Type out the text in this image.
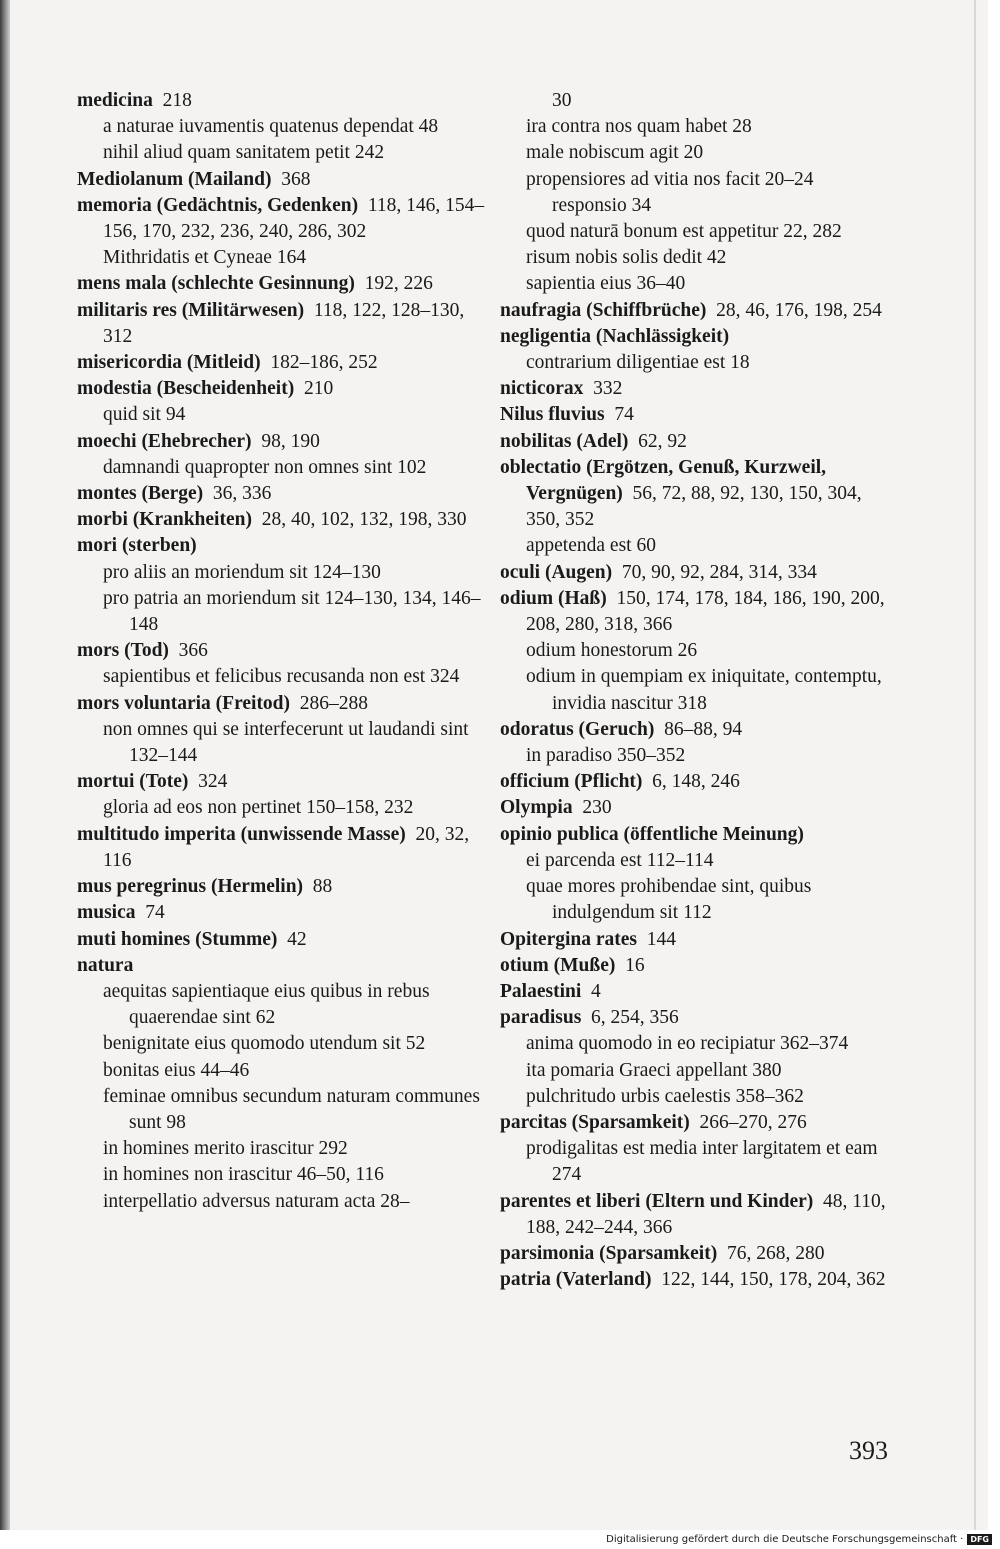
medicina  218

a naturae iuvamentis quatenus dependat 48

nihil aliud quam sanitatem petit 242

Mediolanum (Mailand)  368

memoria (Gedächtnis, Gedenken)  118, 146, 154–156, 170, 232, 236, 240, 286, 302

Mithridatis et Cyneae 164

mens mala (schlechte Gesinnung)  192, 226

militaris res (Militärwesen)  118, 122, 128–130, 312

misericordia (Mitleid)  182–186, 252

modestia (Bescheidenheit)  210

quid sit 94

moechi (Ehebrecher)  98, 190

damnandi quapropter non omnes sint 102

montes (Berge)  36, 336

morbi (Krankheiten)  28, 40, 102, 132, 198, 330

mori (sterben)

pro aliis an moriendum sit 124–130

pro patria an moriendum sit 124–130, 134, 146–148

mors (Tod)  366

sapientibus et felicibus recusanda non est 324

mors voluntaria (Freitod)  286–288

non omnes qui se interfecerunt ut laudandi sint 132–144

mortui (Tote)  324

gloria ad eos non pertinet 150–158, 232

multitudo imperita (unwissende Masse)  20, 32, 116

mus peregrinus (Hermelin)  88

musica  74

muti homines (Stumme)  42

natura

aequitas sapientiaque eius quibus in rebus quaerendae sint 62

benignitate eius quomodo utendum sit 52

bonitas eius 44–46

feminae omnibus secundum naturam communes sunt 98

in homines merito irascitur 292

in homines non irascitur 46–50, 116

interpellatio adversus naturam acta 28–

30

ira contra nos quam habet 28

male nobiscum agit 20

propensiores ad vitia nos facit 20–24

responsio 34

quod naturā bonum est appetitur 22, 282

risum nobis solis dedit 42

sapientia eius 36–40

naufragia (Schiffbrüche)  28, 46, 176, 198, 254

negligentia (Nachlässigkeit)

contrarium diligentiae est 18

nicticorax  332

Nilus fluvius  74

nobilitas (Adel)  62, 92

oblectatio (Ergötzen, Genuß, Kurzweil, Vergnügen)  56, 72, 88, 92, 130, 150, 304, 350, 352

appetenda est 60

oculi (Augen)  70, 90, 92, 284, 314, 334

odium (Haß)  150, 174, 178, 184, 186, 190, 200, 208, 280, 318, 366

odium honestorum 26

odium in quempiam ex iniquitate, contemptu, invidia nascitur 318

odoratus (Geruch)  86–88, 94

in paradiso 350–352

officium (Pflicht)  6, 148, 246

Olympia  230

opinio publica (öffentliche Meinung)

ei parcenda est 112–114

quae mores prohibendae sint, quibus indulgendum sit 112

Opitergina rates  144

otium (Muße)  16

Palaestini  4

paradisus  6, 254, 356

anima quomodo in eo recipiatur 362–374

ita pomaria Graeci appellant 380

pulchritudo urbis caelestis 358–362

parcitas (Sparsamkeit)  266–270, 276

prodigalitas est media inter largitatem et eam 274

parentes et liberi (Eltern und Kinder)  48, 110, 188, 242–244, 366

parsimonia (Sparsamkeit)  76, 268, 280

patria (Vaterland)  122, 144, 150, 178, 204, 362

393
Digitalisierung gefördert durch die Deutsche Forschungsgemeinschaft · DFG
